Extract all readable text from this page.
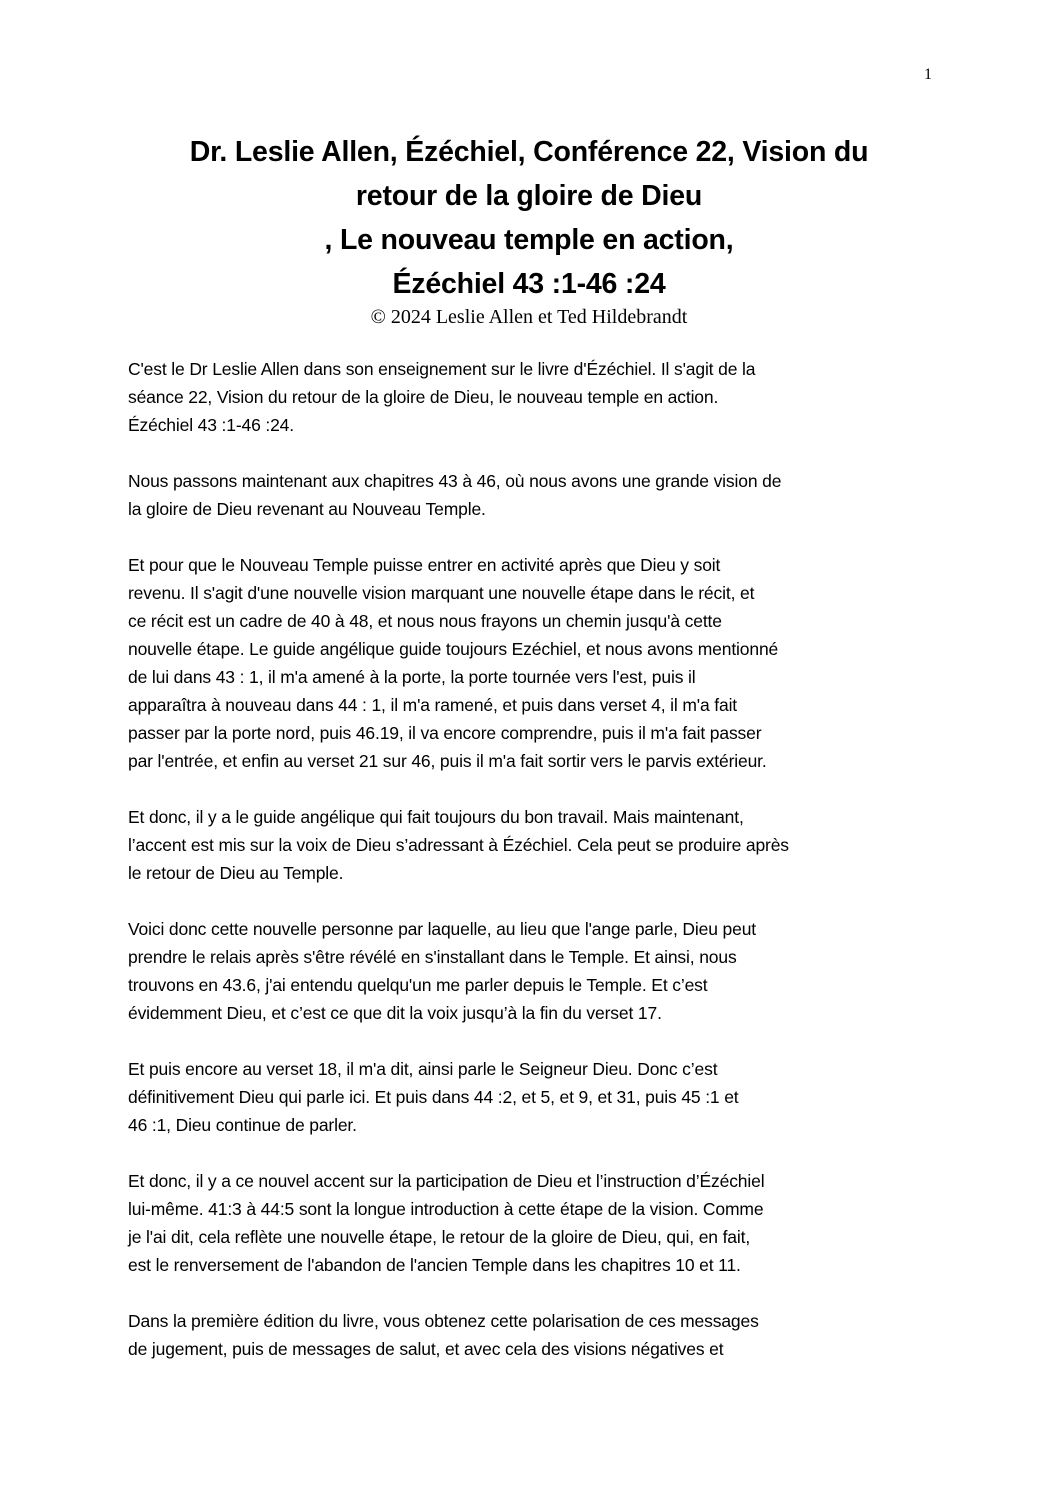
1
Dr. Leslie Allen, Ézéchiel, Conférence 22, Vision du
retour de la gloire de Dieu
, Le nouveau temple en action,
Ézéchiel 43 :1-46 :24
© 2024 Leslie Allen et Ted Hildebrandt

C'est le Dr Leslie Allen dans son enseignement sur le livre d'Ézéchiel. Il s'agit de la
séance 22, Vision du retour de la gloire de Dieu, le nouveau temple en action.
Ézéchiel 43 :1-46 :24.

Nous passons maintenant aux chapitres 43 à 46, où nous avons une grande vision de
la gloire de Dieu revenant au Nouveau Temple.

Et pour que le Nouveau Temple puisse entrer en activité après que Dieu y soit
revenu. Il s'agit d'une nouvelle vision marquant une nouvelle étape dans le récit, et
ce récit est un cadre de 40 à 48, et nous nous frayons un chemin jusqu'à cette
nouvelle étape. Le guide angélique guide toujours Ezéchiel, et nous avons mentionné
de lui dans 43 : 1, il m'a amené à la porte, la porte tournée vers l'est, puis il
apparaîtra à nouveau dans 44 : 1, il m'a ramené, et puis dans verset 4, il m'a fait
passer par la porte nord, puis 46.19, il va encore comprendre, puis il m'a fait passer
par l'entrée, et enfin au verset 21 sur 46, puis il m'a fait sortir vers le parvis extérieur.

Et donc, il y a le guide angélique qui fait toujours du bon travail. Mais maintenant,
l’accent est mis sur la voix de Dieu s’adressant à Ézéchiel. Cela peut se produire après
le retour de Dieu au Temple.

Voici donc cette nouvelle personne par laquelle, au lieu que l'ange parle, Dieu peut
prendre le relais après s'être révélé en s'installant dans le Temple. Et ainsi, nous
trouvons en 43.6, j'ai entendu quelqu'un me parler depuis le Temple. Et c’est
évidemment Dieu, et c’est ce que dit la voix jusqu’à la fin du verset 17.

Et puis encore au verset 18, il m'a dit, ainsi parle le Seigneur Dieu. Donc c’est
définitivement Dieu qui parle ici. Et puis dans 44 :2, et 5, et 9, et 31, puis 45 :1 et
46 :1, Dieu continue de parler.

Et donc, il y a ce nouvel accent sur la participation de Dieu et l’instruction d’Ézéchiel
lui-même. 41:3 à 44:5 sont la longue introduction à cette étape de la vision. Comme
je l'ai dit, cela reflète une nouvelle étape, le retour de la gloire de Dieu, qui, en fait,
est le renversement de l'abandon de l'ancien Temple dans les chapitres 10 et 11.

Dans la première édition du livre, vous obtenez cette polarisation de ces messages
de jugement, puis de messages de salut, et avec cela des visions négatives et
